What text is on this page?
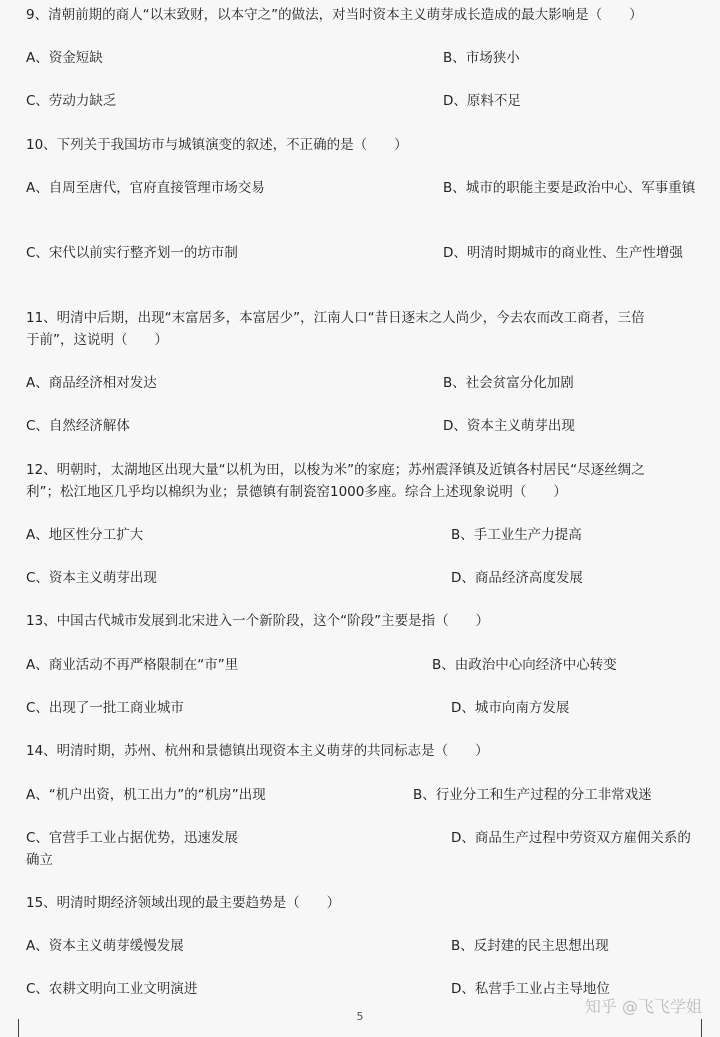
9、清朝前期的商人“以末致财，以本守之”的做法，对当时资本主义萌芽成长造成的最大影响是（　　）
A、资金短缺	B、市场狭小
C、劳动力缺乏	D、原料不足
10、下列关于我国坊市与城镇演变的叙述，不正确的是（　　）
A、自周至唐代，官府直接管理市场交易	B、城市的职能主要是政治中心、军事重镇
C、宋代以前实行整齐划一的坊市制	D、明清时期城市的商业性、生产性增强
11、明清中后期，出现“末富居多，本富居少”，江南人口“昔日逐末之人尚少，今去农而改工商者，三倍
于前”，这说明（　　）
A、商品经济相对发达	B、社会贫富分化加剧
C、自然经济解体	D、资本主义萌芽出现
12、明朝时，太湖地区出现大量“以机为田，以梭为米”的家庭；苏州震泽镇及近镇各村居民“尽逐丝绸之
利”；松江地区几乎均以棉织为业；景德镇有制瓷窑1000多座。综合上述现象说明（　　）
A、地区性分工扩大	B、手工业生产力提高
C、资本主义萌芽出现	D、商品经济高度发展
13、中国古代城市发展到北宋进入一个新阶段，这个“阶段”主要是指（　　）
A、商业活动不再严格限制在“市”里	B、由政治中心向经济中心转变
C、出现了一批工商业城市	D、城市向南方发展
14、明清时期，苏州、杭州和景德镇出现资本主义萌芽的共同标志是（　　）
A、“机户出资，机工出力”的“机房”出现	B、行业分工和生产过程的分工非常戏迷
C、官营手工业占据优势，迅速发展	D、商品生产过程中劳资双方雇佣关系的确立
15、明清时期经济领域出现的最主要趋势是（　　）
A、资本主义萌芽缓慢发展	B、反封建的民主思想出现
C、农耕文明向工业文明演进	D、私营手工业占主导地位
5
知乎 @飞飞学姐
